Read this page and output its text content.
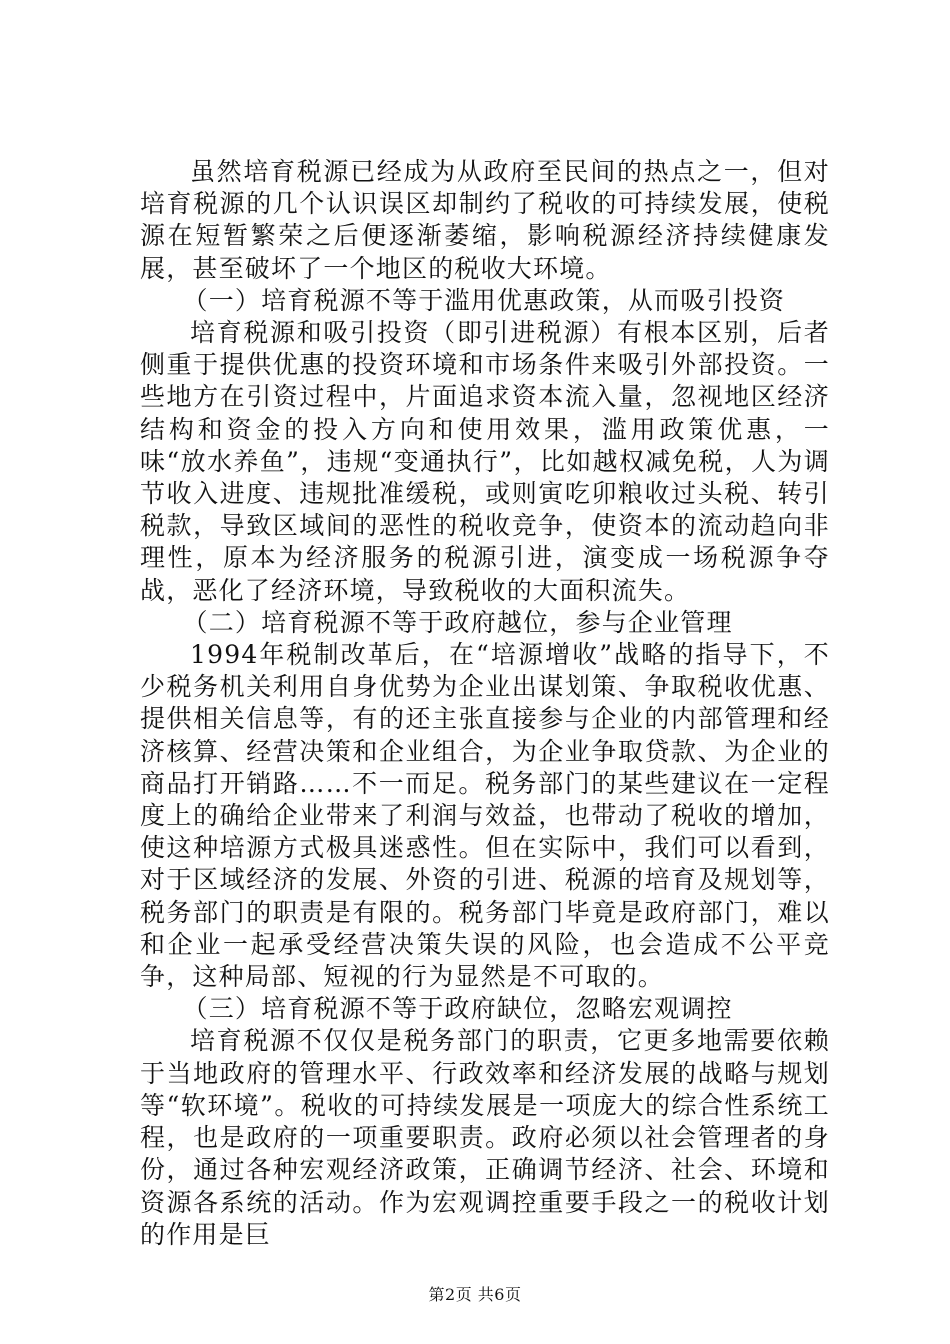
虽然培育税源已经成为从政府至民间的热点之一，但对培育税源的几个认识误区却制约了税收的可持续发展，使税源在短暂繁荣之后便逐渐萎缩，影响税源经济持续健康发展，甚至破坏了一个地区的税收大环境。

（一）培育税源不等于滥用优惠政策，从而吸引投资

培育税源和吸引投资（即引进税源）有根本区别，后者侧重于提供优惠的投资环境和市场条件来吸引外部投资。一些地方在引资过程中，片面追求资本流入量，忽视地区经济结构和资金的投入方向和使用效果，滥用政策优惠，一味“放水养鱼”，违规“变通执行”，比如越权减免税，人为调节收入进度、违规批准缓税，或则寅吃卯粮收过头税、转引税款，导致区域间的恶性的税收竞争，使资本的流动趋向非理性，原本为经济服务的税源引进，演变成一场税源争夺战，恶化了经济环境，导致税收的大面积流失。

（二）培育税源不等于政府越位，参与企业管理

1994年税制改革后，在“培源增收”战略的指导下，不少税务机关利用自身优势为企业出谋划策、争取税收优惠、提供相关信息等，有的还主张直接参与企业的内部管理和经济核算、经营决策和企业组合，为企业争取贷款、为企业的商品打开销路……不一而足。税务部门的某些建议在一定程度上的确给企业带来了利润与效益，也带动了税收的增加，使这种培源方式极具迷惑性。但在实际中，我们可以看到，对于区域经济的发展、外资的引进、税源的培育及规划等，税务部门的职责是有限的。税务部门毕竟是政府部门，难以和企业一起承受经营决策失误的风险，也会造成不公平竞争，这种局部、短视的行为显然是不可取的。

（三）培育税源不等于政府缺位，忽略宏观调控

培育税源不仅仅是税务部门的职责，它更多地需要依赖于当地政府的管理水平、行政效率和经济发展的战略与规划等“软环境”。税收的可持续发展是一项庞大的综合性系统工程，也是政府的一项重要职责。政府必须以社会管理者的身份，通过各种宏观经济政策，正确调节经济、社会、环境和资源各系统的活动。作为宏观调控重要手段之一的税收计划的作用是巨

第2页 共6页
